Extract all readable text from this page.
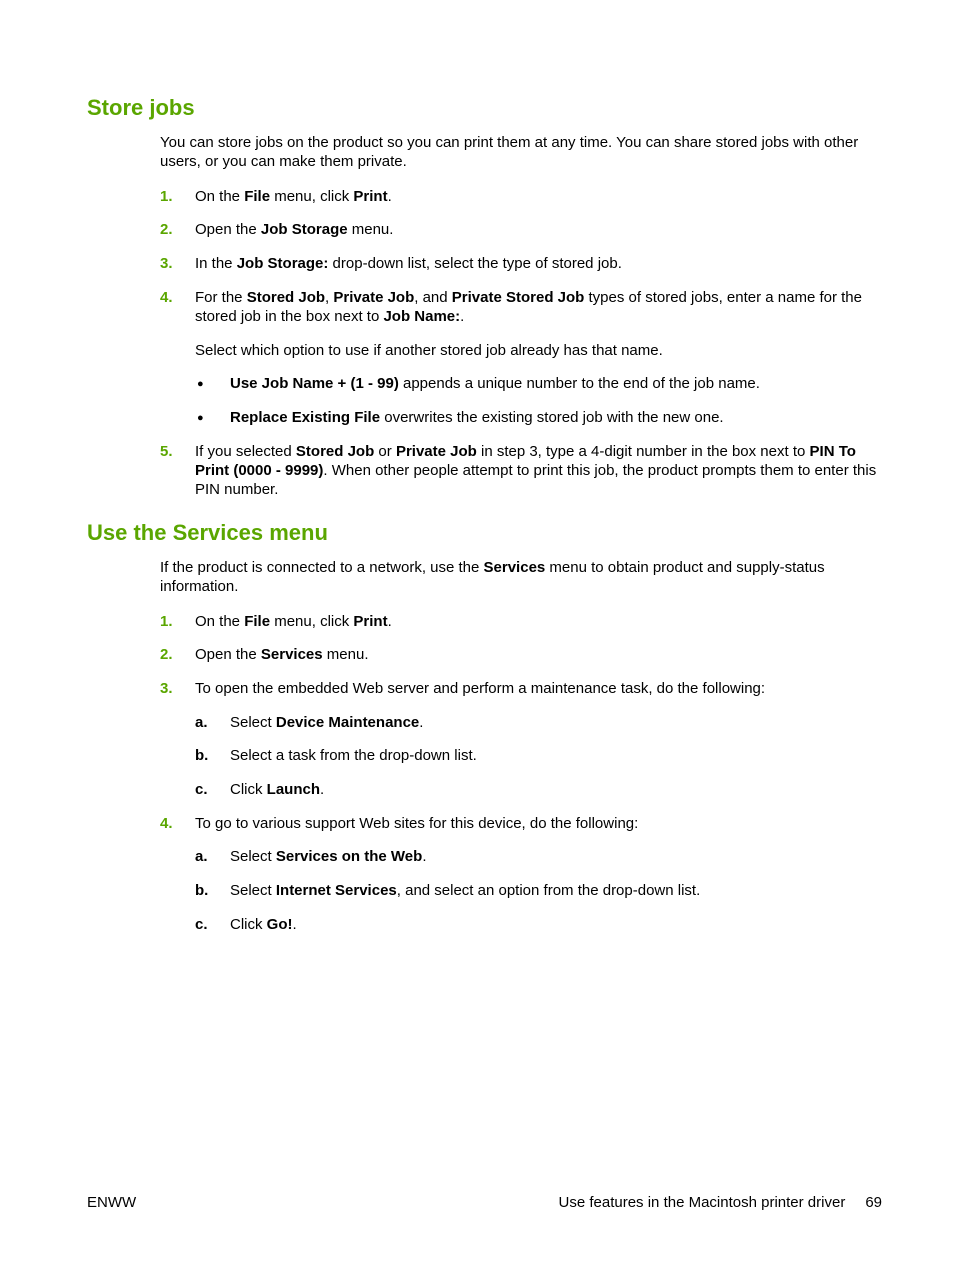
Store jobs
You can store jobs on the product so you can print them at any time. You can share stored jobs with other users, or you can make them private.
1. On the File menu, click Print.
2. Open the Job Storage menu.
3. In the Job Storage: drop-down list, select the type of stored job.
4. For the Stored Job, Private Job, and Private Stored Job types of stored jobs, enter a name for the stored job in the box next to Job Name:.
Select which option to use if another stored job already has that name.
● Use Job Name + (1 - 99) appends a unique number to the end of the job name.
● Replace Existing File overwrites the existing stored job with the new one.
5. If you selected Stored Job or Private Job in step 3, type a 4-digit number in the box next to PIN To Print (0000 - 9999). When other people attempt to print this job, the product prompts them to enter this PIN number.
Use the Services menu
If the product is connected to a network, use the Services menu to obtain product and supply-status information.
1. On the File menu, click Print.
2. Open the Services menu.
3. To open the embedded Web server and perform a maintenance task, do the following:
a. Select Device Maintenance.
b. Select a task from the drop-down list.
c. Click Launch.
4. To go to various support Web sites for this device, do the following:
a. Select Services on the Web.
b. Select Internet Services, and select an option from the drop-down list.
c. Click Go!.
ENWW	Use features in the Macintosh printer driver 69
